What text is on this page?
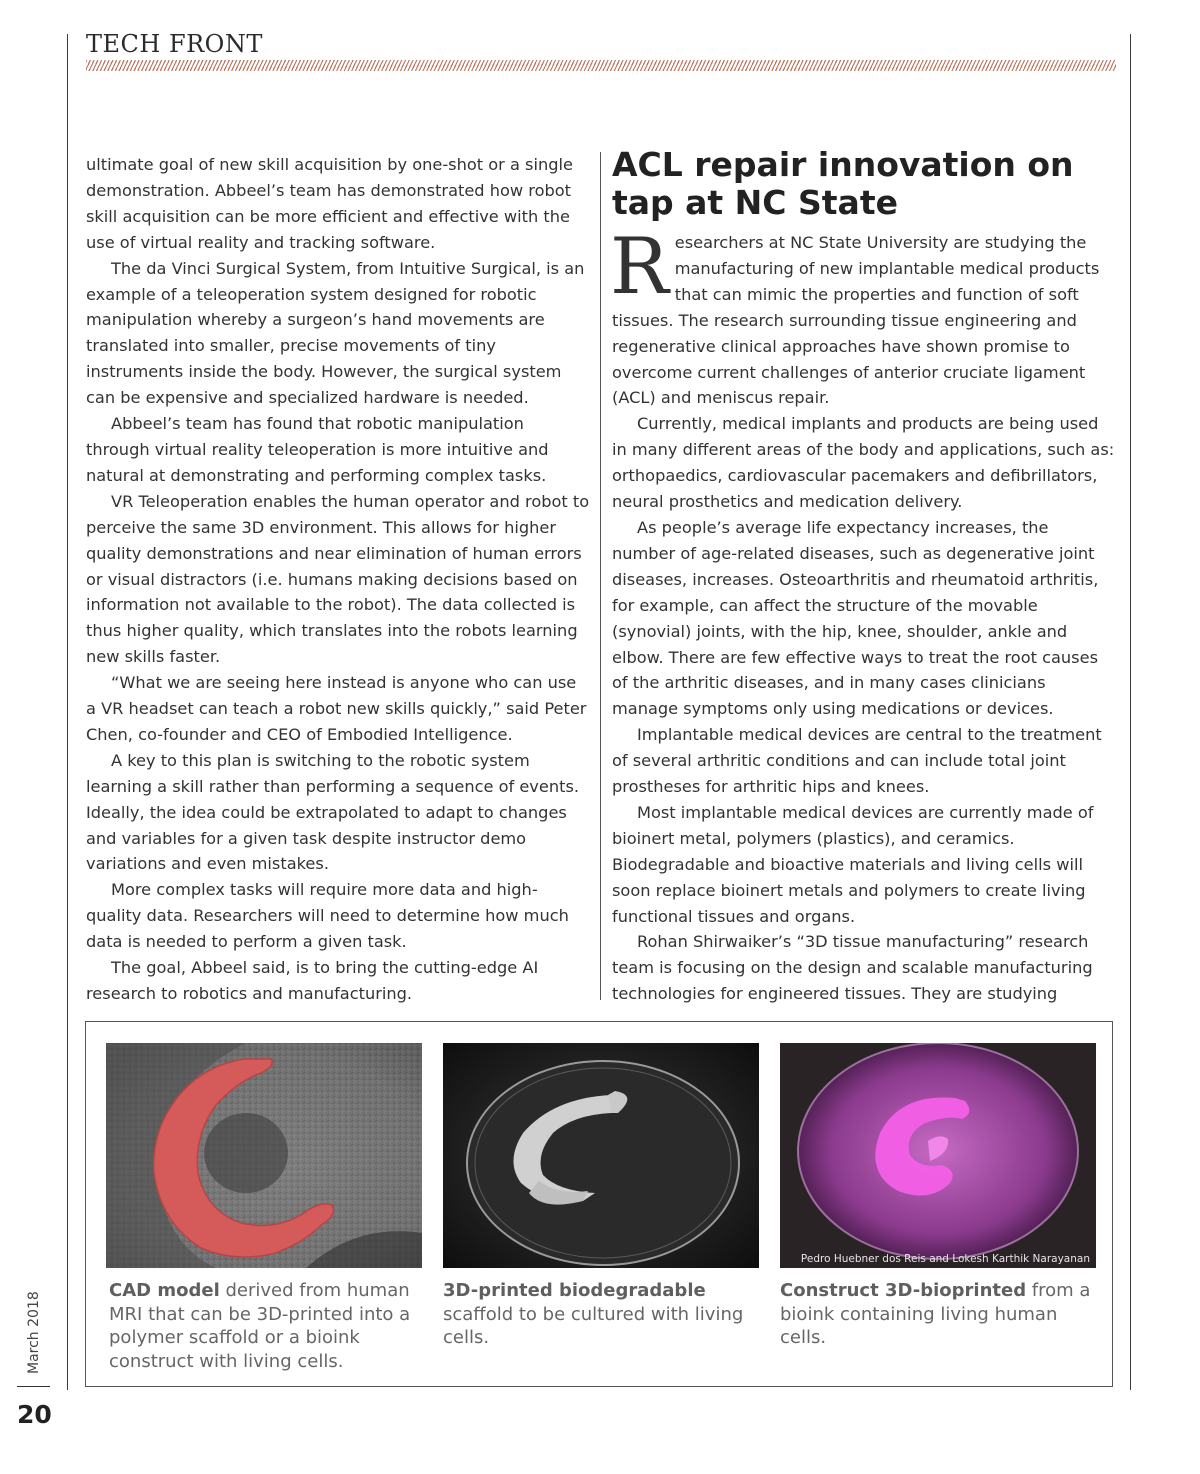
TECH FRONT

ultimate goal of new skill acquisition by one-shot or a single demonstration. Abbeel’s team has demonstrated how robot skill acquisition can be more efficient and effective with the use of virtual reality and tracking software.

The da Vinci Surgical System, from Intuitive Surgical, is an example of a teleoperation system designed for robotic manipulation whereby a surgeon’s hand movements are translated into smaller, precise movements of tiny instruments inside the body. However, the surgical system can be expensive and specialized hardware is needed.

Abbeel’s team has found that robotic manipulation through virtual reality teleoperation is more intuitive and natural at demonstrating and performing complex tasks.

VR Teleoperation enables the human operator and robot to perceive the same 3D environment. This allows for higher quality demonstrations and near elimination of human errors or visual distractors (i.e. humans making decisions based on information not available to the robot). The data collected is thus higher quality, which translates into the robots learning new skills faster.

“What we are seeing here instead is anyone who can use a VR headset can teach a robot new skills quickly,” said Peter Chen, co-founder and CEO of Embodied Intelligence.

A key to this plan is switching to the robotic system learning a skill rather than performing a sequence of events. Ideally, the idea could be extrapolated to adapt to changes and variables for a given task despite instructor demo variations and even mistakes.

More complex tasks will require more data and high-quality data. Researchers will need to determine how much data is needed to perform a given task.

The goal, Abbeel said, is to bring the cutting-edge AI research to robotics and manufacturing.

ACL repair innovation on tap at NC State

Researchers at NC State University are studying the manufacturing of new implantable medical products that can mimic the properties and function of soft tissues. The research surrounding tissue engineering and regenerative clinical approaches have shown promise to overcome current challenges of anterior cruciate ligament (ACL) and meniscus repair.

Currently, medical implants and products are being used in many different areas of the body and applications, such as: orthopaedics, cardiovascular pacemakers and defibrillators, neural prosthetics and medication delivery.

As people’s average life expectancy increases, the number of age-related diseases, such as degenerative joint diseases, increases. Osteoarthritis and rheumatoid arthritis, for example, can affect the structure of the movable (synovial) joints, with the hip, knee, shoulder, ankle and elbow. There are few effective ways to treat the root causes of the arthritic diseases, and in many cases clinicians manage symptoms only using medications or devices.

Implantable medical devices are central to the treatment of several arthritic conditions and can include total joint prostheses for arthritic hips and knees.

Most implantable medical devices are currently made of bioinert metal, polymers (plastics), and ceramics. Biodegradable and bioactive materials and living cells will soon replace bioinert metals and polymers to create living functional tissues and organs.

Rohan Shirwaiker’s “3D tissue manufacturing” research team is focusing on the design and scalable manufacturing technologies for engineered tissues. They are studying

Pedro Huebner dos Reis and Lokesh Karthik Narayanan
CAD model derived from human MRI that can be 3D-printed into a polymer scaffold or a bioink construct with living cells.
3D-printed biodegradable scaffold to be cultured with living cells.
Construct 3D-bioprinted from a bioink containing living human cells.
March 2018
20
